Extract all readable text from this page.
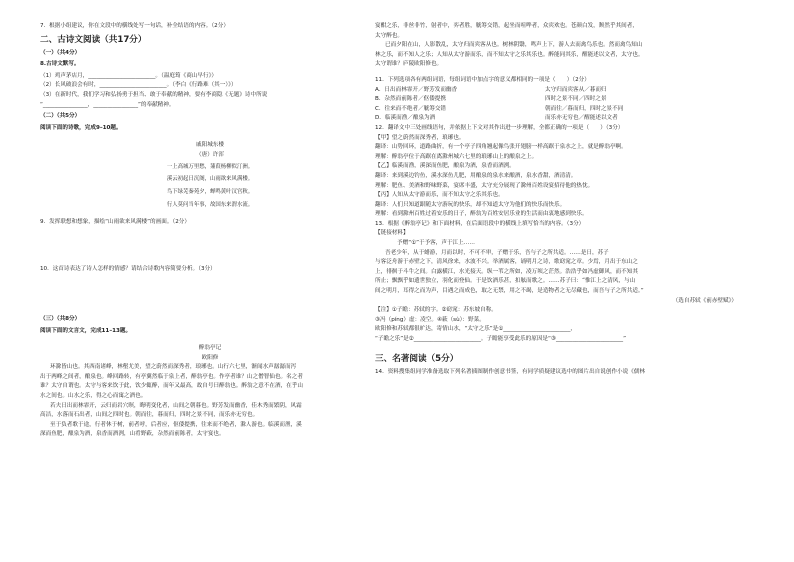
7．根据小组建议，你在文段中的横线处写一句话，补全结语的内容。（2分）
二、古诗文阅读（共17分）
（一）（共4分）
8.古诗文默写。
（1）鸡声茅店月，________________________。（温庭筠《商山早行》）
（2）长风破浪会有时，________________________。（李白《行路难（其一）》）
（3）在新时代，我们学习和弘扬勇于担当、敢于奉献的精神，要有李商隐《无题》诗中所说
“________________，________________”的奉献精神。
（二）（共5分）
阅读下面的诗歌，完成9–10题。
戚阳城东楼
（唐）许浑
一上高城万里愁，蒹葭杨柳似汀洲。
溪云初起日沉阁，山雨欲来风满楼。
鸟下绿芜秦苑夕，蝉鸣黄叶汉宫秋。
行人莫问当年事，故国东来渭水流。
9．发挥联想和想象，描绘“山雨欲来风满楼”的画面。（2分）
10．这首诗表达了诗人怎样的情感？请结合诗歌内容简要分析。（3分）
（三）（共8分）
阅读下面的文言文，完成11–13题。
醉翁亭记
欧阳修
环滁皆山也。其西南诸峰，林壑尤美，望之蔚然而深秀者，琅琊也。山行六七里，渐闻水声潺潺而泻
出于两峰之间者，酿泉也。峰回路转，有亭翼然临于泉上者，醉翁亭也。作亭者谁？山之僧智仙也。名之者
谁？太守自谓也。太守与客来饮于此，饮少辄醉，而年又最高，故自号曰醉翁也。醉翁之意不在酒，在乎山
水之间也。山水之乐，得之心而寓之酒也。
若夫日出而林霏开，云归而岩穴暝，晦明变化者，山间之朝暮也。野芳发而幽香，佳木秀而繁阴，风霜
高洁，水落而石出者，山间之四时也。朝而往，暮而归，四时之景不同，而乐亦无穷也。
至于负者歌于途，行者休于树，前者呼，后者应，伛偻提携，往来而不绝者，滁人游也。临溪而渔，溪
深而鱼肥，酿泉为酒，泉香而酒洌，山肴野蔌，杂然而前陈者，太守宴也。
宴酣之乐，非丝非竹，射者中，弈者胜，觥筹交错，起坐而喧哗者，众宾欢也。苍颜白发，颓然乎其间者，
太守醉也。
已而夕阳在山，人影散乱，太守归而宾客从也。树林阴翳，鸣声上下，游人去而禽鸟乐也。然而禽鸟知山
林之乐，而不知人之乐；人知从太守游而乐，而不知太守之乐其乐也。醉能同其乐，醒能述以文者，太守也。
太守谓谁？庐陵欧阳修也。
11．下列选项各有两组词语，每组词语中加点字的意义都相同的一项是（　　）（2分）
A．日出而林霏开／野芳发而幽香	太守归而宾客从／暮而归
B．杂然而前陈者／伛偻提携	四时之景不同／四时之景
C．往来而不绝者／觥筹交错	朝而往／暮而归，四时之景不同
D．临溪而渔／酿泉为酒	而乐亦无穷也／醒能述以文者
12．翻译文中三处画线语句，并依据上下文对其作出进一步理解，全都正确的一项是（　　）（3分）
【甲】望之蔚然而深秀者，琅琊也。
翻译：山势回环，道路曲折，有一个亭子四角翘起像鸟张开翅膀一样高踞于泉水之上，就是醉翁亭啊。
理解：醉翁亭位于高踞在离滁州城六七里的琅琊山上的酿泉之上。
【乙】临溪而渔，溪深而鱼肥，酿泉为酒，泉香而酒洌。
翻译：来到溪边钓鱼，溪水深鱼儿肥，用酿泉的泉水来酿酒，泉水香甜，酒清清。
理解：肥鱼、美酒和野味野菜，宴席丰盛，太守充分展现了滁州百姓设宴招待他的热忱。
【丙】人知从太守游而乐，而不知太守之乐其乐也。
翻译：人们只知道跟随太守游玩的快乐，却不知道太守为他们的快乐而快乐。
理解：看到滁州百姓过着安乐的日子，醉翁为百姓安居乐业的生活而由衷地感到快乐。
13．根据《醉翁亭记》和下面材料，在后面语段中的横线上填写恰当的内容。（3分）
【链接材料】
予赠“①”于予客，声于江上……
吾老少年，从于蜡游，月而以时，不可不审，子赠于乐，吾与子之所共适。……是日，苏子
与客泛舟游于赤壁之下，清风徐来，水波不兴。举酒属客，诵明月之诗，歌窈窕之章。少焉，月出于东山之
上，徘徊于斗牛之间。白露横江，水光接天。纵一苇之所如，凌万顷之茫然。浩浩乎如冯虚御风，而不知其
所止；飘飘乎如遗世独立，羽化而登仙。于是饮酒乐甚，扣舷而歌之。……苏子曰：“惟江上之清风，与山
间之明月，耳得之而为声，目遇之而成色，取之无禁，用之不竭，是造物者之无尽藏也，而吾与子之所共适。”
（选自苏轼《前赤壁赋》）
【注】①子瞻：苏轼的字。②窈窕：苏东坡自称。
③冯（píng）虚：凌空。④蔌（sù）：野菜。
欧阳修和苏轼都很旷达，寄情山水，“太守之乐”是①________________________，
“子瞻之乐”是②________________________。子瞻能享受此乐的原因是“③________________________”
三、名著阅读（5分）
14．资料搜集组同学准备选取下列名著插图制作创意书签，有同学质疑建议选中的图片出自说创作小说《儒林
